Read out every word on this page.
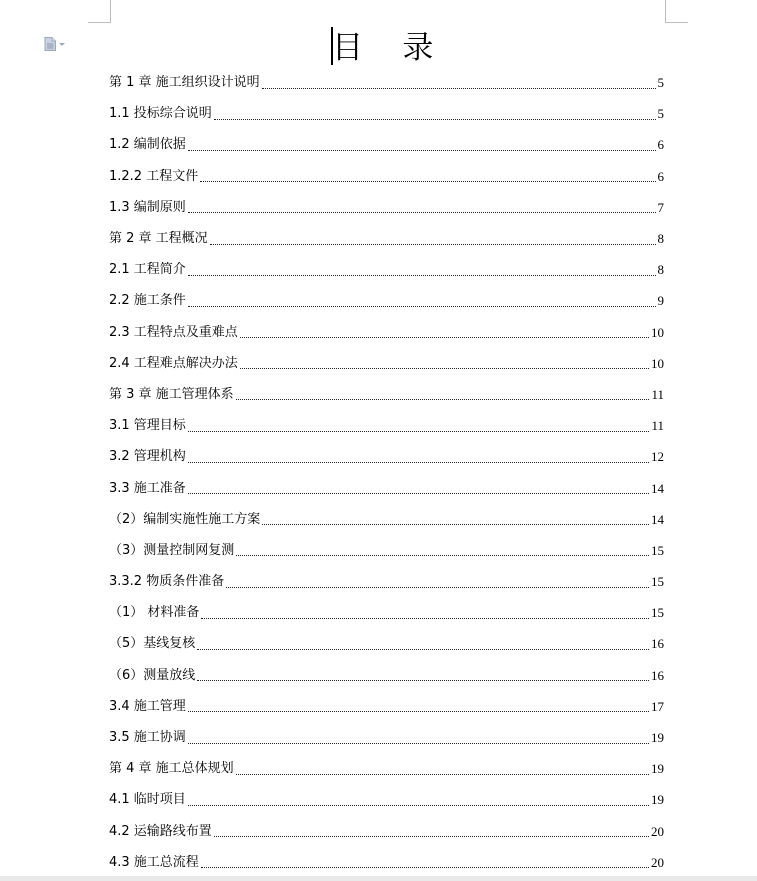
目    录
第 1 章 施工组织设计说明	5
1.1 投标综合说明	5
1.2 编制依据	6
1.2.2 工程文件	6
1.3 编制原则	7
第 2 章 工程概况	8
2.1 工程简介	8
2.2 施工条件	9
2.3 工程特点及重难点	10
2.4 工程难点解决办法	10
第 3 章 施工管理体系	11
3.1 管理目标	11
3.2 管理机构	12
3.3 施工准备	14
（2）编制实施性施工方案	14
（3）测量控制网复测	15
3.3.2 物质条件准备	15
（1） 材料准备	15
（5）基线复核	16
（6）测量放线	16
3.4 施工管理	17
3.5 施工协调	19
第 4 章 施工总体规划	19
4.1 临时项目	19
4.2 运输路线布置	20
4.3 施工总流程	20
